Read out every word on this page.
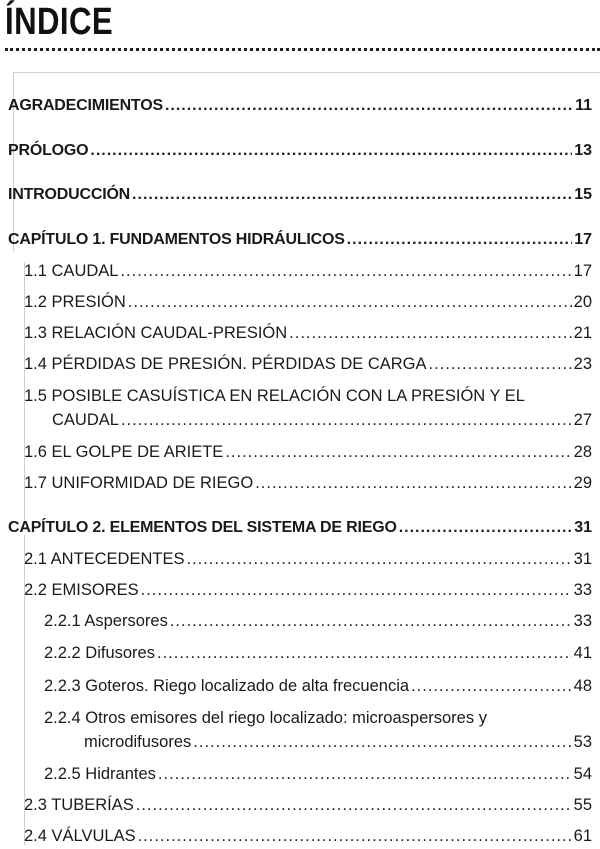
ÍNDICE
AGRADECIMIENTOS .....	11
PRÓLOGO .....	13
INTRODUCCIÓN .....	15
CAPÍTULO 1. FUNDAMENTOS HIDRÁULICOS .....	17
1.1 CAUDAL .....	17
1.2 PRESIÓN .....	20
1.3 RELACIÓN CAUDAL-PRESIÓN .....	21
1.4 PÉRDIDAS DE PRESIÓN. PÉRDIDAS DE CARGA .....	23
1.5 POSIBLE CASUÍSTICA EN RELACIÓN CON LA PRESIÓN Y EL
CAUDAL .....	27
1.6 EL GOLPE DE ARIETE .....	28
1.7 UNIFORMIDAD DE RIEGO .....	29
CAPÍTULO 2. ELEMENTOS DEL SISTEMA DE RIEGO .....	31
2.1 ANTECEDENTES .....	31
2.2 EMISORES .....	33
2.2.1 Aspersores .....	33
2.2.2 Difusores .....	41
2.2.3 Goteros. Riego localizado de alta frecuencia .....	48
2.2.4 Otros emisores del riego localizado: microaspersores y
microdifusores .....	53
2.2.5 Hidrantes .....	54
2.3 TUBERÍAS .....	55
2.4 VÁLVULAS .....	61
